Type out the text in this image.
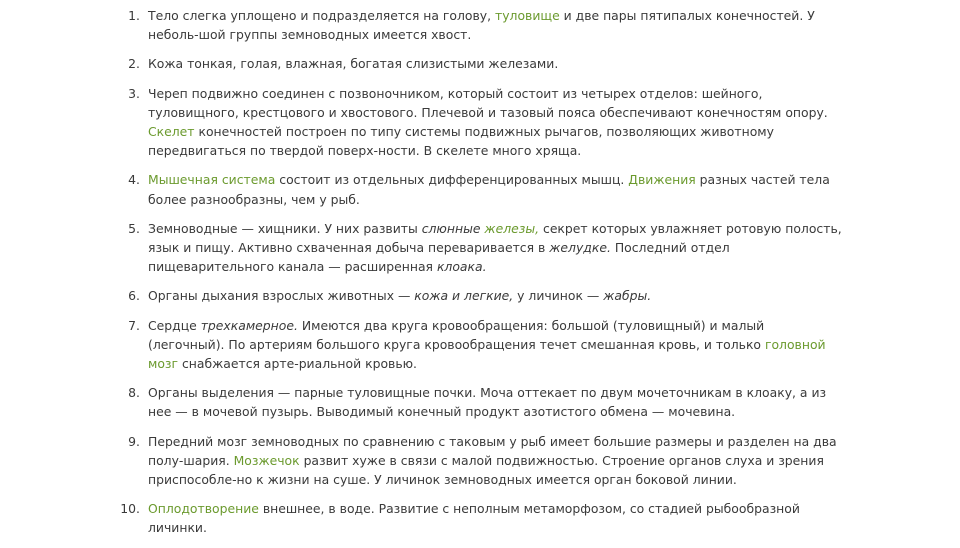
1. Тело слегка уплощено и подразделяется на голову, туловище и две пары пятипалых конечностей. У неболь-шой группы земноводных имеется хвост.
2. Кожа тонкая, голая, влажная, богатая слизистыми железами.
3. Череп подвижно соединен с позвоночником, который состоит из четырех отделов: шейного, туловищного, крестцового и хвостового. Плечевой и тазовый пояса обеспечивают конечностям опору. Скелет конечностей построен по типу системы подвижных рычагов, позволяющих животному передвигаться по твердой поверх-ности. В скелете много хряща.
4. Мышечная система состоит из отдельных дифференцированных мышц. Движения разных частей тела более разнообразны, чем у рыб.
5. Земноводные — хищники. У них развиты слюнные железы, секрет которых увлажняет ротовую полость, язык и пищу. Активно схваченная добыча переваривается в желудке. Последний отдел пищеварительного канала — расширенная клоака.
6. Органы дыхания взрослых животных — кожа и легкие, у личинок — жабры.
7. Сердце трехкамерное. Имеются два круга кровообращения: большой (туловищный) и малый (легочный). По артериям большого круга кровообращения течет смешанная кровь, и только головной мозг снабжается арте-риальной кровью.
8. Органы выделения — парные туловищные почки. Моча оттекает по двум мочеточникам в клоаку, а из нее — в мочевой пузырь. Выводимый конечный продукт азотистого обмена — мочевина.
9. Передний мозг земноводных по сравнению с таковым у рыб имеет большие размеры и разделен на два полу-шария. Мозжечок развит хуже в связи с малой подвижностью. Строение органов слуха и зрения приспособле-но к жизни на суше. У личинок земноводных имеется орган боковой линии.
10. Оплодотворение внешнее, в воде. Развитие с неполным метаморфозом, со стадией рыбообразной личинки.
